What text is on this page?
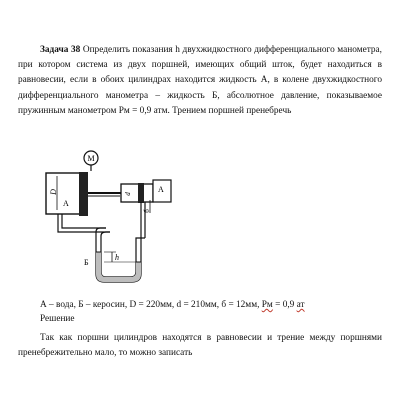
Задача 38 Определить показания h двухжидкостного дифференциального манометра, при котором система из двух поршней, имеющих общий шток, будет находиться в равновесии, если в обоих цилиндрах находится жидкость А, в колене двухжидкостного дифференциального манометра – жидкость Б, абсолютное давление, показываемое пружинным манометром Рм = 0,9 атм. Трением поршней пренебречь

M
D
A
A
d
б
h
Б
А – вода, Б – керосин, D = 220мм, d = 210мм, б = 12мм, Рм = 0,9 ат
Решение

Так как поршни цилиндров находятся в равновесии и трение между поршнями пренебрежительно мало, то можно записать
